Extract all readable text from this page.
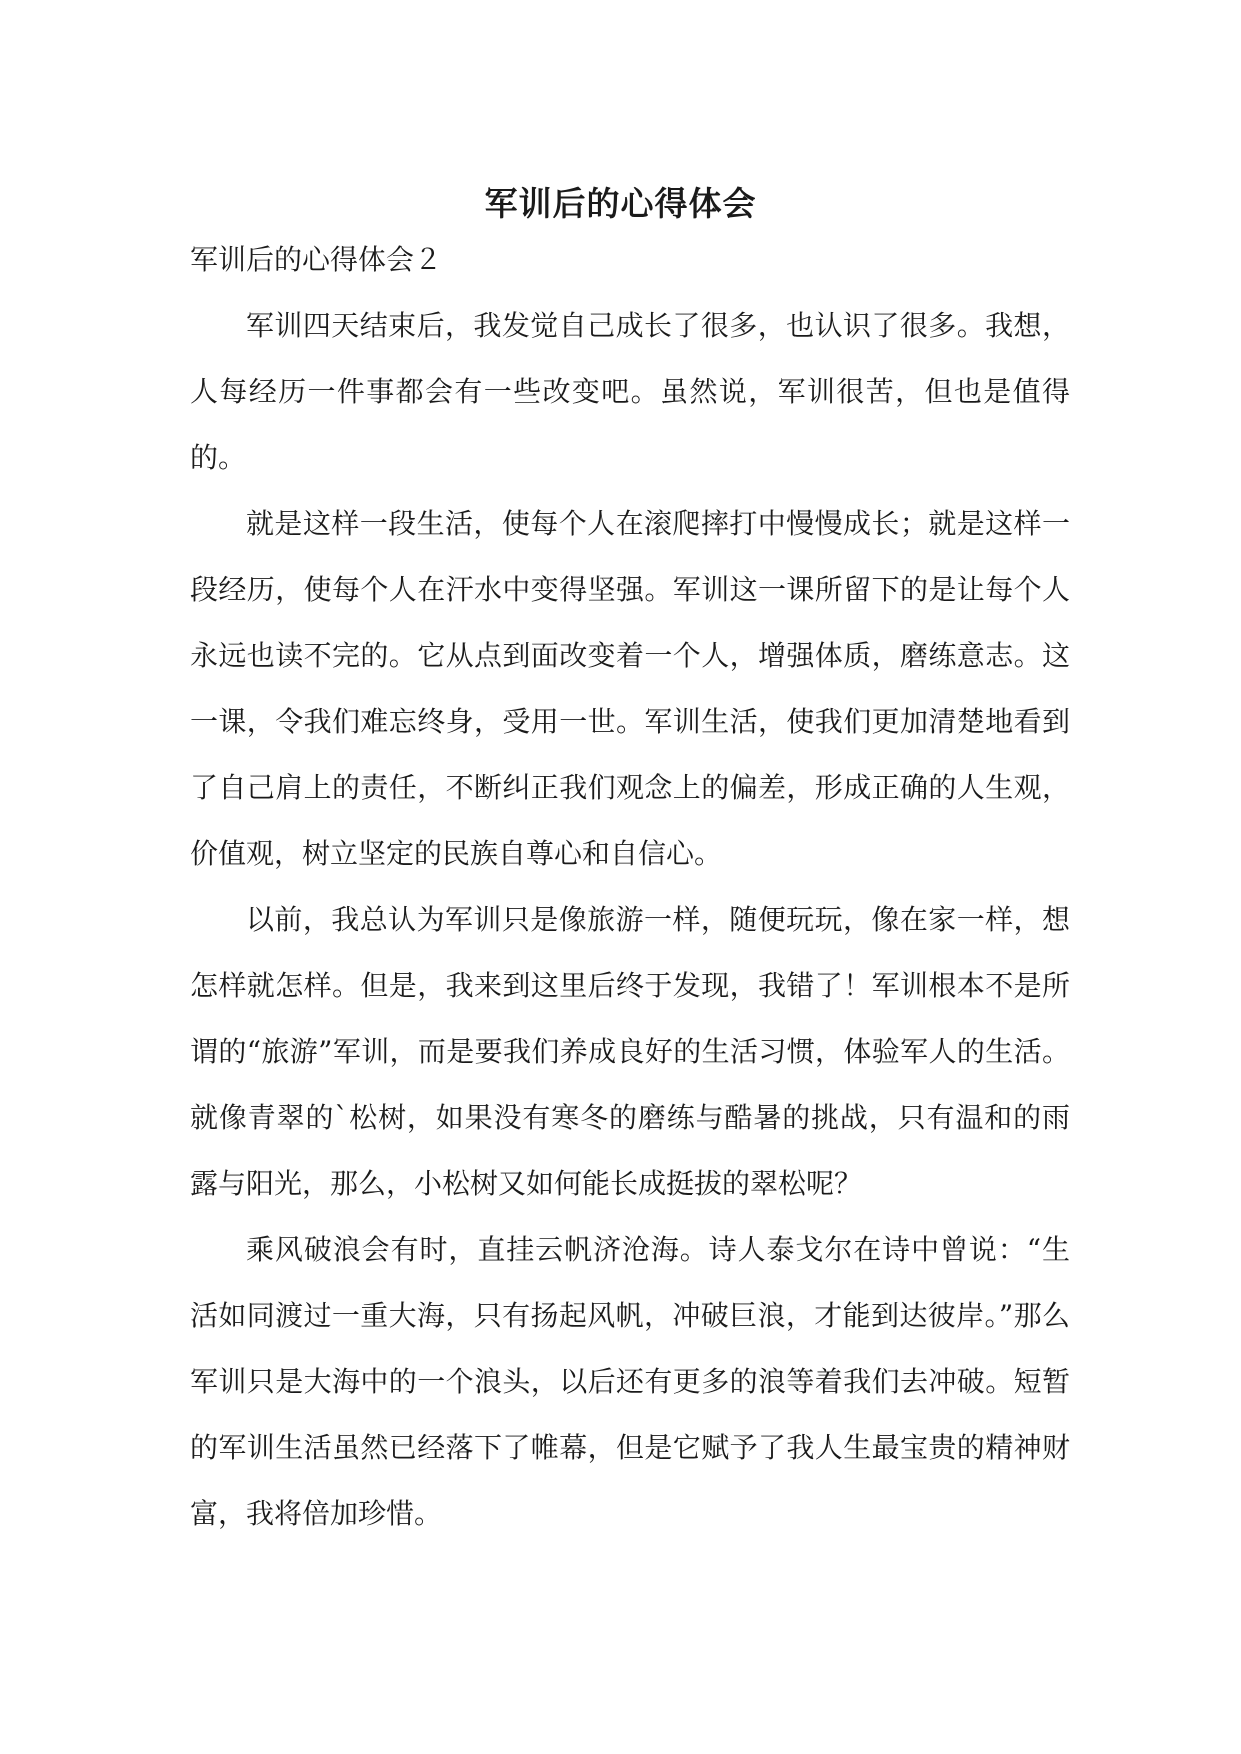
军训后的心得体会

军训后的心得体会２

军训四天结束后，我发觉自己成长了很多，也认识了很多。我想，人每经历一件事都会有一些改变吧。虽然说，军训很苦，但也是值得的。

就是这样一段生活，使每个人在滚爬摔打中慢慢成长；就是这样一段经历，使每个人在汗水中变得坚强。军训这一课所留下的是让每个人永远也读不完的。它从点到面改变着一个人，增强体质，磨练意志。这一课，令我们难忘终身，受用一世。军训生活，使我们更加清楚地看到了自己肩上的责任，不断纠正我们观念上的偏差，形成正确的人生观，价值观，树立坚定的民族自尊心和自信心。

以前，我总认为军训只是像旅游一样，随便玩玩，像在家一样，想怎样就怎样。但是，我来到这里后终于发现，我错了！军训根本不是所谓的“旅游”军训，而是要我们养成良好的生活习惯，体验军人的生活。就像青翠的`松树，如果没有寒冬的磨练与酷暑的挑战，只有温和的雨露与阳光，那么，小松树又如何能长成挺拔的翠松呢？

乘风破浪会有时，直挂云帆济沧海。诗人泰戈尔在诗中曾说：“生活如同渡过一重大海，只有扬起风帆，冲破巨浪，才能到达彼岸。”那么军训只是大海中的一个浪头，以后还有更多的浪等着我们去冲破。短暂的军训生活虽然已经落下了帷幕，但是它赋予了我人生最宝贵的精神财富，我将倍加珍惜。
